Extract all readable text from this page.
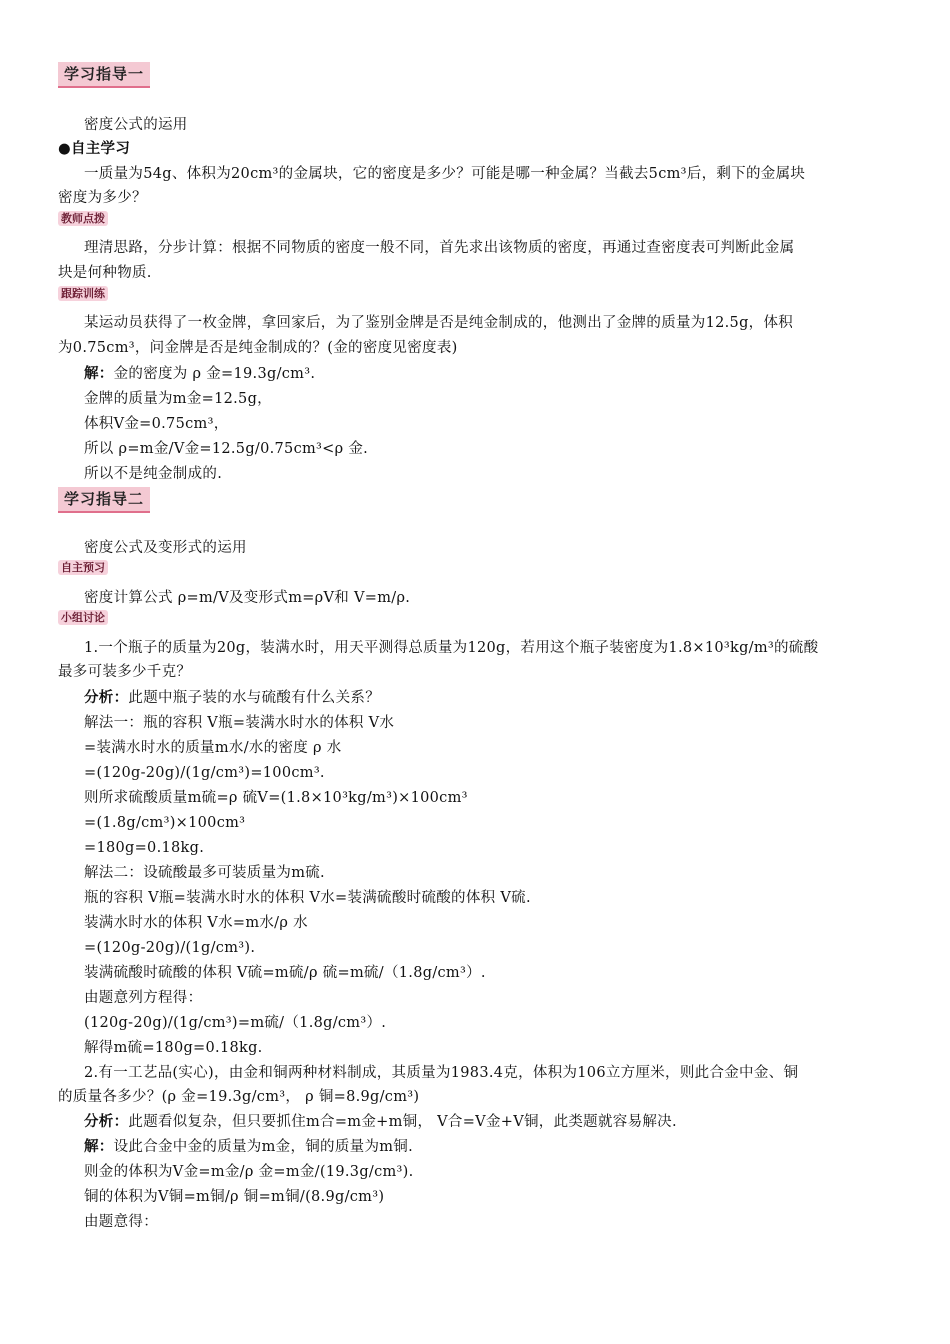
学习指导一
密度公式的运用
●自主学习
一质量为54g、体积为20cm³的金属块，它的密度是多少？可能是哪一种金属？当截去5cm³后，剩下的金属块
密度为多少？
教师点拨
理清思路，分步计算：根据不同物质的密度一般不同，首先求出该物质的密度，再通过查密度表可判断此金属
块是何种物质.
跟踪训练
某运动员获得了一枚金牌，拿回家后，为了鉴别金牌是否是纯金制成的，他测出了金牌的质量为12.5g，体积
为0.75cm³，问金牌是否是纯金制成的？(金的密度见密度表)
解：金的密度为 ρ 金=19.3g/cm³.
金牌的质量为m金=12.5g，
体积V金=0.75cm³，
所以 ρ=m金/V金=12.5g/0.75cm³<ρ 金.
所以不是纯金制成的.
学习指导二
密度公式及变形式的运用
自主预习
密度计算公式 ρ=m/V及变形式m=ρV和 V=m/ρ.
小组讨论
1.一个瓶子的质量为20g，装满水时，用天平测得总质量为120g，若用这个瓶子装密度为1.8×10³kg/m³的硫酸
最多可装多少千克？
分析：此题中瓶子装的水与硫酸有什么关系？
解法一：瓶的容积 V瓶=装满水时水的体积 V水
=装满水时水的质量m水/水的密度 ρ 水
=(120g-20g)/(1g/cm³)=100cm³.
则所求硫酸质量m硫=ρ 硫V=(1.8×10³kg/m³)×100cm³
=(1.8g/cm³)×100cm³
=180g=0.18kg.
解法二：设硫酸最多可装质量为m硫.
瓶的容积 V瓶=装满水时水的体积 V水=装满硫酸时硫酸的体积 V硫.
装满水时水的体积 V水=m水/ρ 水
=(120g-20g)/(1g/cm³).
装满硫酸时硫酸的体积 V硫=m硫/ρ 硫=m硫/（1.8g/cm³）.
由题意列方程得：
(120g-20g)/(1g/cm³)=m硫/（1.8g/cm³）.
解得m硫=180g=0.18kg.
2.有一工艺品(实心)，由金和铜两种材料制成，其质量为1983.4克，体积为106立方厘米，则此合金中金、铜
的质量各多少？(ρ 金=19.3g/cm³， ρ 铜=8.9g/cm³)
分析：此题看似复杂，但只要抓住m合=m金+m铜， V合=V金+V铜，此类题就容易解决.
解：设此合金中金的质量为m金，铜的质量为m铜.
则金的体积为V金=m金/ρ 金=m金/(19.3g/cm³).
铜的体积为V铜=m铜/ρ 铜=m铜/(8.9g/cm³)
由题意得：
